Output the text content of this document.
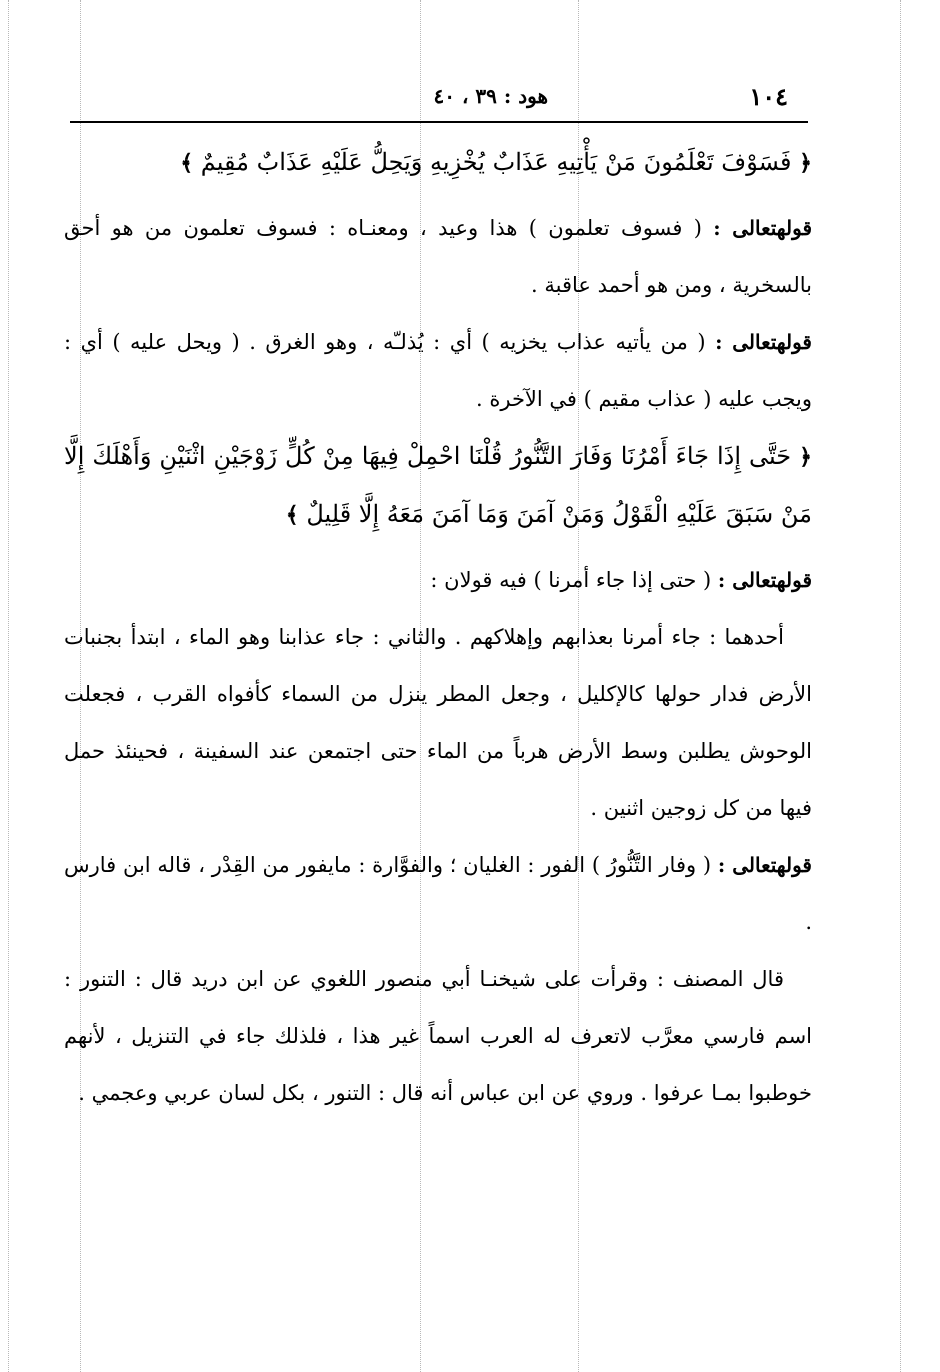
١٠٤
هود : ٣٩ ، ٤٠

﴿ فَسَوْفَ تَعْلَمُونَ مَنْ يَأْتِيهِ عَذَابٌ يُخْزِيهِ وَيَحِلُّ عَلَيْهِ عَذَابٌ مُقِيمٌ ﴾

قولهتعالى : ( فسوف تعلمون ) هذا وعيد ، ومعنـاه : فسوف تعلمون من هو أحق بالسخرية ، ومن هو أحمد عاقبة .

قولهتعالى : ( من يأتيه عذاب يخزيه ) أي : يُذلـّه ، وهو الغرق . ( ويحل عليه ) أي : ويجب عليه ( عذاب مقيم ) في الآخرة .

﴿ حَتَّى إِذَا جَاءَ أَمْرُنَا وَفَارَ التَّنُّورُ قُلْنَا احْمِلْ فِيهَا مِنْ كُلٍّ زَوْجَيْنِ اثْنَيْنِ وَأَهْلَكَ إِلَّا مَنْ سَبَقَ عَلَيْهِ الْقَوْلُ وَمَنْ آمَنَ وَمَا آمَنَ مَعَهُ إِلَّا قَلِيلٌ ﴾

قولهتعالى : ( حتى إذا جاء أمرنا ) فيه قولان :

أحدهما : جاء أمرنا بعذابهم وإهلاكهم . والثاني : جاء عذابنا وهو الماء ، ابتدأ بجنبات الأرض فدار حولها كالإكليل ، وجعل المطر ينزل من السماء كأفواه القرب ، فجعلت الوحوش يطلبن وسط الأرض هرباً من الماء حتى اجتمعن عند السفينة ، فحينئذ حمل فيها من كل زوجين اثنين .

قولهتعالى : ( وفار التَّنُّورُ ) الفور : الغليان ؛ والفوَّارة : مايفور من القِدْر ، قاله ابن فارس .

قال المصنف : وقرأت على شيخنـا أبي منصور اللغوي عن ابن دريد قال : التنور : اسم فارسي معرَّب لاتعرف له العرب اسماً غير هذا ، فلذلك جاء في التنزيل ، لأنهم خوطبوا بمـا عرفوا . وروي عن ابن عباس أنه قال : التنور ، بكل لسان عربي وعجمي .
